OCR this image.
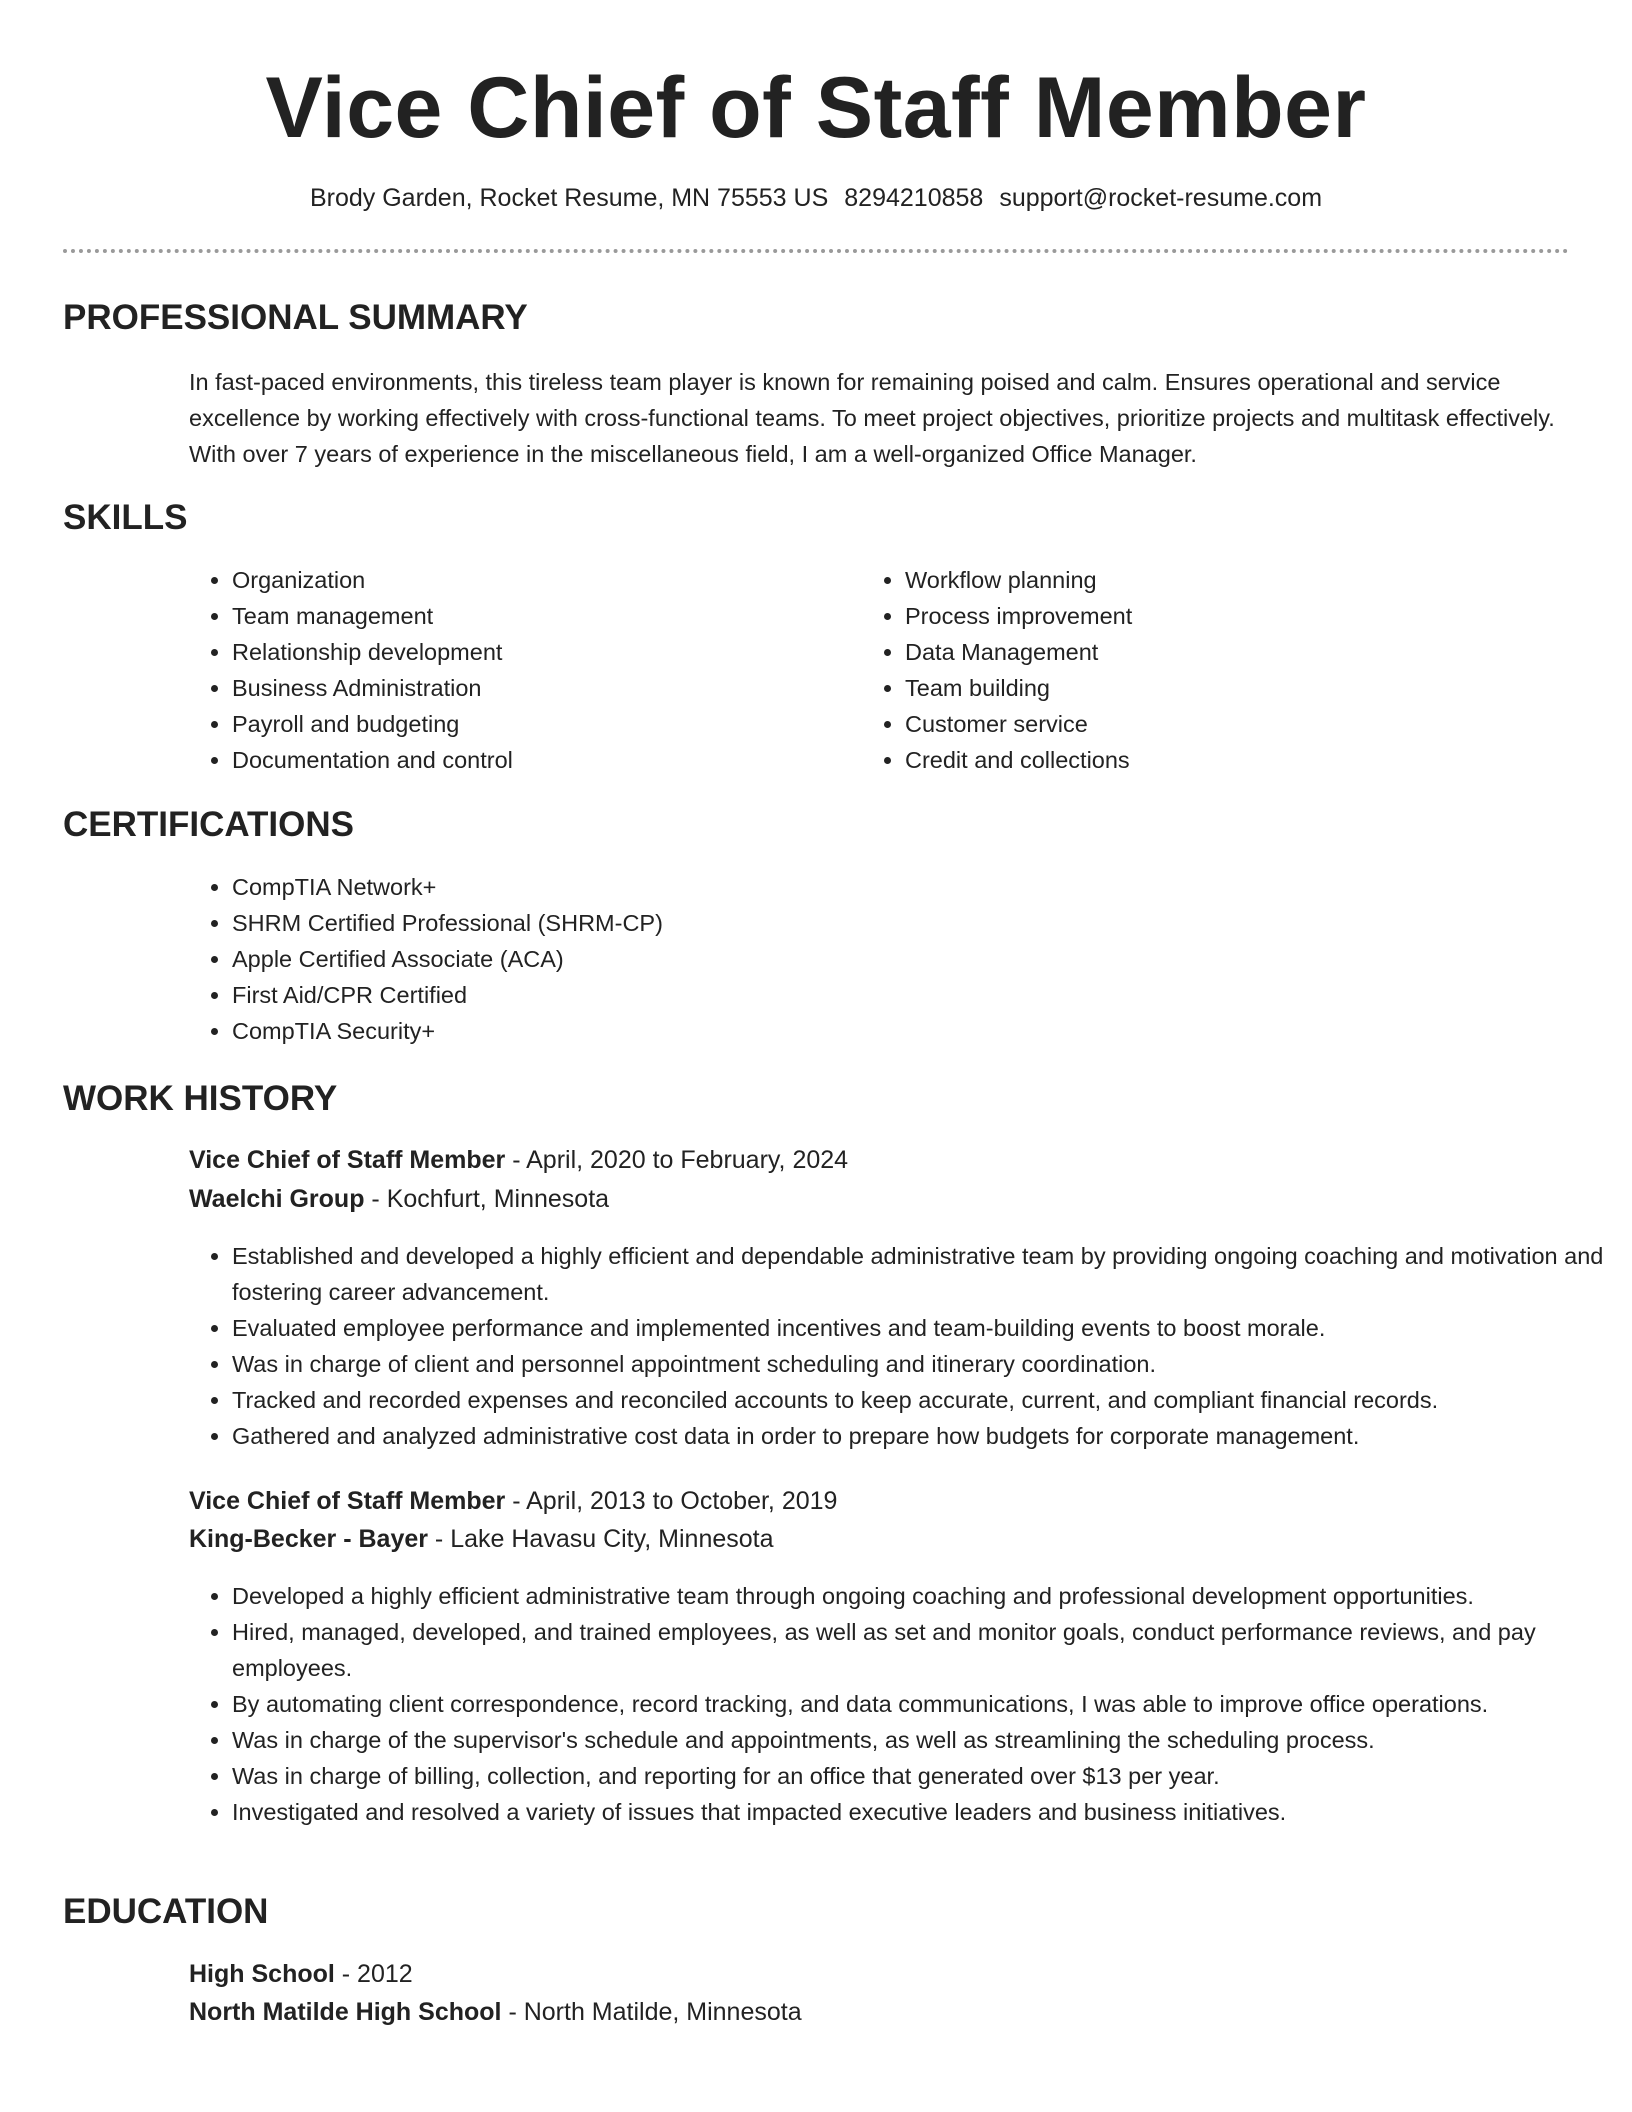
Vice Chief of Staff Member
Brody Garden, Rocket Resume, MN 75553 US 8294210858 support@rocket-resume.com
PROFESSIONAL SUMMARY

In fast-paced environments, this tireless team player is known for remaining poised and calm. Ensures operational and service excellence by working effectively with cross-functional teams. To meet project objectives, prioritize projects and multitask effectively. With over 7 years of experience in the miscellaneous field, I am a well-organized Office Manager.

SKILLS
• Organization
• Team management
• Relationship development
• Business Administration
• Payroll and budgeting
• Documentation and control
• Workflow planning
• Process improvement
• Data Management
• Team building
• Customer service
• Credit and collections
CERTIFICATIONS
• CompTIA Network+
• SHRM Certified Professional (SHRM-CP)
• Apple Certified Associate (ACA)
• First Aid/CPR Certified
• CompTIA Security+
WORK HISTORY
Vice Chief of Staff Member - April, 2020 to February, 2024
Waelchi Group - Kochfurt, Minnesota
• Established and developed a highly efficient and dependable administrative team by providing ongoing coaching and motivation and fostering career advancement.
• Evaluated employee performance and implemented incentives and team-building events to boost morale.
• Was in charge of client and personnel appointment scheduling and itinerary coordination.
• Tracked and recorded expenses and reconciled accounts to keep accurate, current, and compliant financial records.
• Gathered and analyzed administrative cost data in order to prepare how budgets for corporate management.
Vice Chief of Staff Member - April, 2013 to October, 2019
King-Becker - Bayer - Lake Havasu City, Minnesota
• Developed a highly efficient administrative team through ongoing coaching and professional development opportunities.
• Hired, managed, developed, and trained employees, as well as set and monitor goals, conduct performance reviews, and pay employees.
• By automating client correspondence, record tracking, and data communications, I was able to improve office operations.
• Was in charge of the supervisor's schedule and appointments, as well as streamlining the scheduling process.
• Was in charge of billing, collection, and reporting for an office that generated over $13 per year.
• Investigated and resolved a variety of issues that impacted executive leaders and business initiatives.
EDUCATION
High School - 2012
North Matilde High School - North Matilde, Minnesota
